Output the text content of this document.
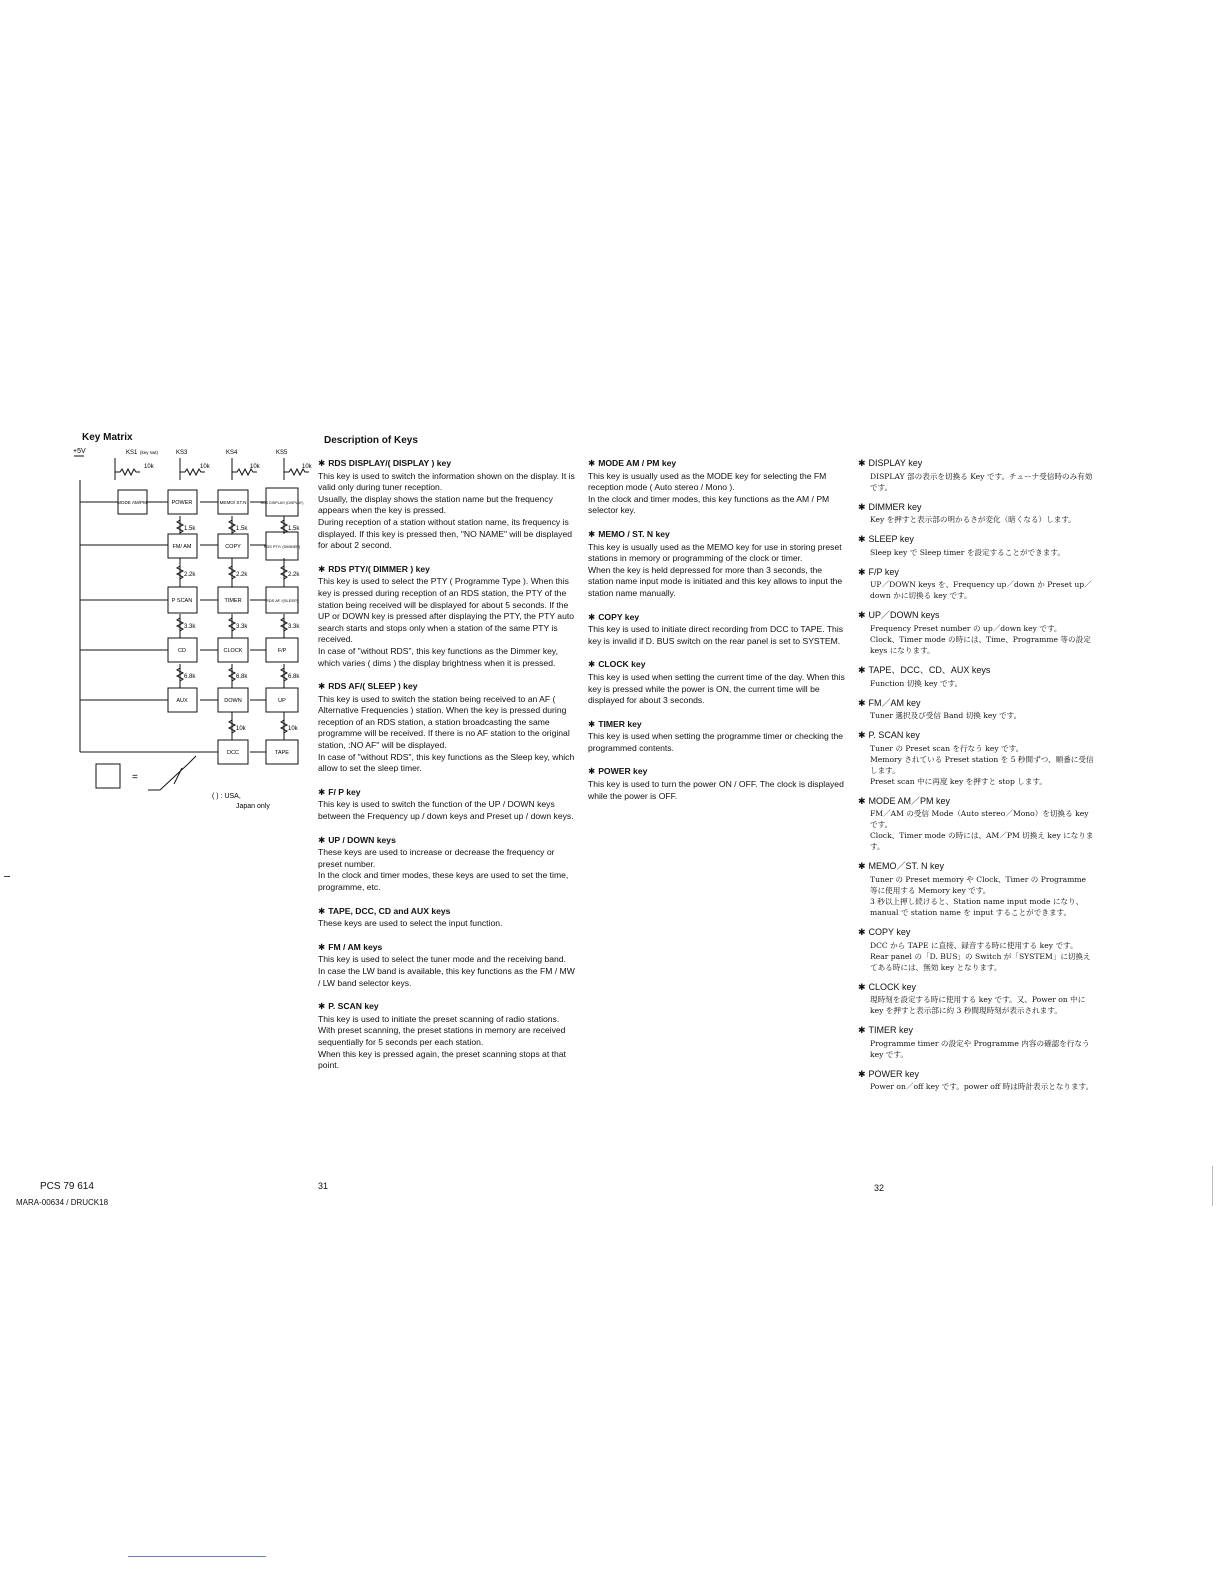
Key Matrix
+5V	KS1 (key swt)	KS3	KS4	KS5
10k	10k	10k	10k
MODE AM/PM	POWER	MEMO/ ST.N	RDS DISPLAY/ (DISPLAY)
FM/ AM	COPY	RDS PTY/ (DIMMER)
P SCAN	TIMER	RDS AF /(SLEEP)
CD	CLOCK	F/P
AUX	DOWN	UP
DCC	TAPE
1.5k	1.5k	1.5k
2.2k	2.2k	2.2k
3.3k	3.3k	3.3k
6.8k	6.8k	6.8k
10k	10k
=
( ) : USA,
Japan only
Description of Keys
✱ RDS DISPLAY/( DISPLAY ) key

This key is used to switch the information shown on the display. It is valid only during tuner reception.

Usually, the display shows the station name but the frequency appears when the key is pressed.

During reception of a station without station name, its frequency is displayed. If this key is pressed then, "NO NAME" will be displayed for about 2 second.

✱ RDS PTY/( DIMMER ) key

This key is used to select the PTY ( Programme Type ). When this key is pressed during reception of an RDS station, the PTY of the station being received will be displayed for about 5 seconds. If the UP or DOWN key is pressed after displaying the PTY, the PTY auto search starts and stops only when a station of the same PTY is received.

In case of "without RDS", this key functions as the Dimmer key, which varies ( dims ) the display brightness when it is pressed.

✱ RDS AF/( SLEEP ) key

This key is used to switch the station being received to an AF ( Alternative Frequencies ) station. When the key is pressed during reception of an RDS station, a station broadcasting the same programme will be received. If there is no AF station to the original station, :NO AF" will be displayed.

In case of "without RDS", this key functions as the Sleep key, which allow to set the sleep timer.

✱ F/ P key

This key is used to switch the function of the UP / DOWN keys between the Frequency up / down keys and Preset up / down keys.

✱ UP / DOWN keys

These keys are used to increase or decrease the frequency or preset number.

In the clock and timer modes, these keys are used to set the time, programme, etc.

✱ TAPE, DCC, CD and AUX keys

These keys are used to select the input function.

✱ FM / AM keys

This key is used to select the tuner mode and the receiving band.

In case the LW band is available, this key functions as the FM / MW / LW band selector keys.

✱ P. SCAN key

This key is used to initiate the preset scanning of radio stations.

With preset scanning, the preset stations in memory are received sequentially for 5 seconds per each station.

When this key is pressed again, the preset scanning stops at that point.

✱ MODE AM / PM key

This key is usually used as the MODE key for selecting the FM reception mode ( Auto stereo / Mono ).

In the clock and timer modes, this key functions as the AM / PM selector key.

✱ MEMO / ST. N key

This key is usually used as the MEMO key for use in storing preset stations in memory or programming of the clock or timer.

When the key is held depressed for more than 3 seconds, the station name input mode is initiated and this key allows to input the station name manually.

✱ COPY key

This key is used to initiate direct recording from DCC to TAPE. This key is invalid if D. BUS switch on the rear panel is set to SYSTEM.

✱ CLOCK key

This key is used when setting the current time of the day. When this key is pressed while the power is ON, the current time will be displayed for about 3 seconds.

✱ TIMER key

This key is used when setting the programme timer or checking the programmed contents.

✱ POWER key

This key is used to turn the power ON / OFF. The clock is displayed while the power is OFF.

✱ DISPLAY key

DISPLAY 部の表示を切換る Key です。チューナ受信時のみ有効です。

✱ DIMMER key

Key を押すと表示部の明かるさが変化（暗くなる）します。

✱ SLEEP key

Sleep key で Sleep timer を設定することができます。

✱ F/P key

UP／DOWN keys を、Frequency up／down か Preset up／down かに切換る key です。

✱ UP／DOWN keys

Frequency Preset number の up／down key です。

Clock、Timer mode の時には、Time、Programme 等の設定 keys になります。

✱ TAPE、DCC、CD、AUX keys

Function 切換 key です。

✱ FM／AM key

Tuner 選択及び受信 Band 切換 key です。

✱ P. SCAN key

Tuner の Preset scan を行なう key です。

Memory されている Preset station を 5 秒間ずつ、順番に受信します。

Preset scan 中に再度 key を押すと stop します。

✱ MODE AM／PM key

FM／AM の受信 Mode（Auto stereo／Mono）を切換る key です。

Clock、Timer mode の時には、AM／PM 切換え key になります。

✱ MEMO／ST. N key

Tuner の Preset memory や Clock、Timer の Programme 等に使用する Memory key です。

3 秒以上押し続けると、Station name input mode になり、manual で station name を input することができます。

✱ COPY key

DCC から TAPE に直接、録音する時に使用する key です。

Rear panel の「D. BUS」の Switch が「SYSTEM」に切換えてある時には、無効 key となります。

✱ CLOCK key

現時刻を設定する時に使用する key です。又、Power on 中に key を押すと表示部に約 3 秒間現時刻が表示されます。

✱ TIMER key

Programme timer の設定や Programme 内容の確認を行なう key です。

✱ POWER key

Power on／off key です。power off 時は時計表示となります。

PCS 79 614
MARA-00634 / DRUCK18
31	32
